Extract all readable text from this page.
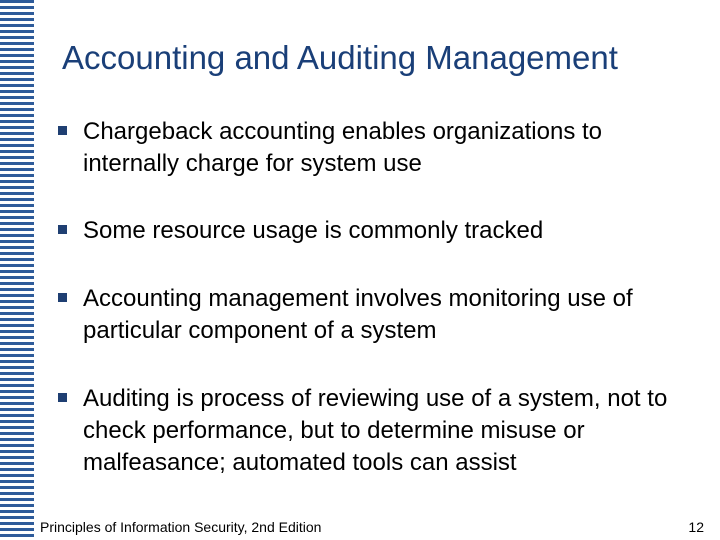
Accounting and Auditing Management
Chargeback accounting enables organizations to internally charge for system use
Some resource usage is commonly tracked
Accounting management involves monitoring use of particular component of a system
Auditing is process of reviewing use of a system, not to check performance, but to determine misuse or malfeasance; automated tools can assist
Principles of Information Security, 2nd Edition	12
